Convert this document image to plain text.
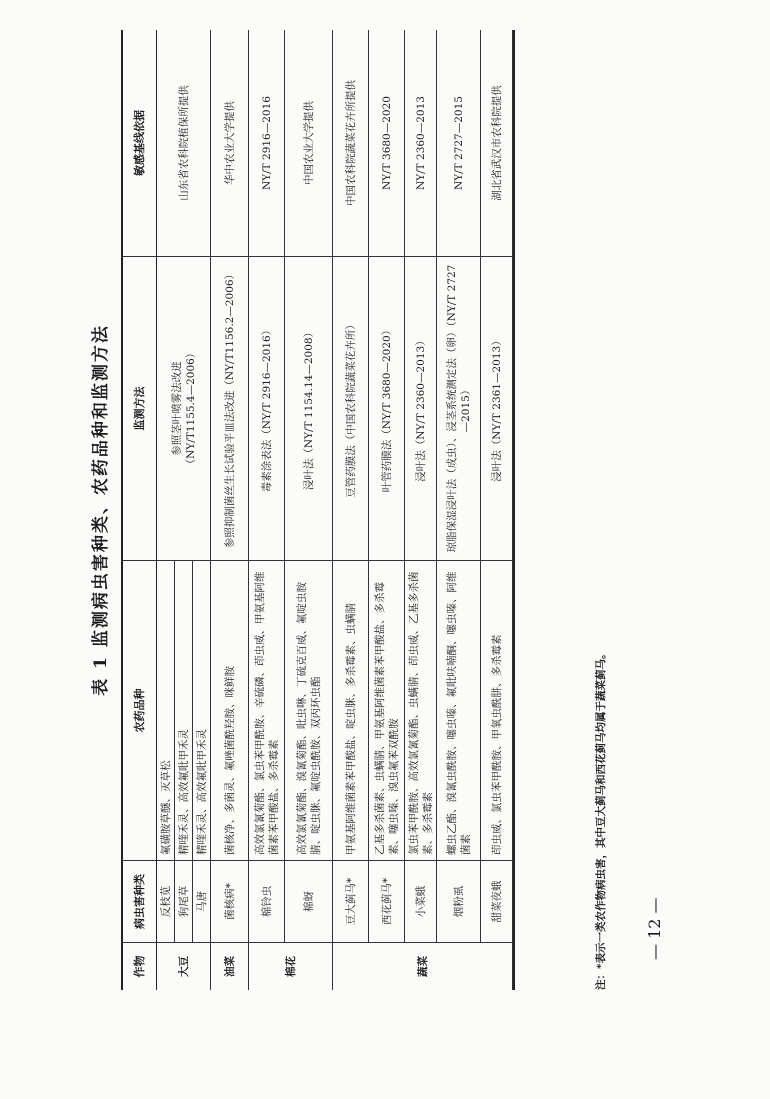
表 1 监测病虫害种类、农药品种和监测方法
作物
病虫害种类
农药品种
监测方法
敏感基线依据
大豆
反枝苋
氟磺胺草醚、灭草松
狗尾草
精喹禾灵、高效氟吡甲禾灵
马唐
精喹禾灵、高效氟吡甲禾灵
参照茎叶喷雾法改进 （NY/T1155.4—2006）
山东省农科院植保所提供
油菜
菌核病*
菌核净、多菌灵、氟唑菌酰羟胺、咪鲜胺
参照抑制菌丝生长试验平皿法改进（NY/T1156.2—2006）
华中农业大学提供
棉花
棉铃虫
高效氯氰菊酯、氯虫苯甲酰胺、辛硫磷、茚虫威、甲氨基阿维菌素苯甲酸盐、多杀霉素
毒素涂表法（NY/T 2916—2016）
NY/T 2916—2016
棉蚜
高效氯氰菊酯、溴氰菊酯、吡虫啉、丁硫克百威、氟啶虫胺腈、啶虫脒、氟啶虫酰胺、双丙环虫酯
浸叶法（NY/T 1154.14—2008）
中国农业大学提供
蔬菜
豆大蓟马*
甲氨基阿维菌素苯甲酸盐、啶虫脒、多杀霉素、虫螨腈
豆管药膜法（中国农科院蔬菜花卉所）
中国农科院蔬菜花卉所提供
西花蓟马*
乙基多杀菌素、虫螨腈、甲氨基阿维菌素苯甲酸盐、多杀霉素、噻虫嗪、溴虫氟苯双酰胺
叶管药膜法（NY/T 3680—2020）
NY/T 3680—2020
小菜蛾
氯虫苯甲酰胺、高效氯氰菊酯、虫螨腈、茚虫威、乙基多杀菌素、多杀霉素
浸叶法（NY/T 2360—2013）
NY/T 2360—2013
烟粉虱
螺虫乙酯、溴氰虫酰胺、噻虫嗪、氟吡呋喃酮、噻虫嗪、阿维菌素
琼脂保湿浸叶法（成虫）、浸茎系统测定法（卵）（NY/T 2727—2015）
NY/T 2727—2015
甜菜夜蛾
茚虫威、氯虫苯甲酰胺、甲氧虫酰肼、多杀霉素
浸叶法（NY/T 2361—2013）
湖北省武汉市农科院提供
注：*表示一类农作物病虫害，其中豆大蓟马和西花蓟马均属于蔬菜蓟马。 — 12 —
